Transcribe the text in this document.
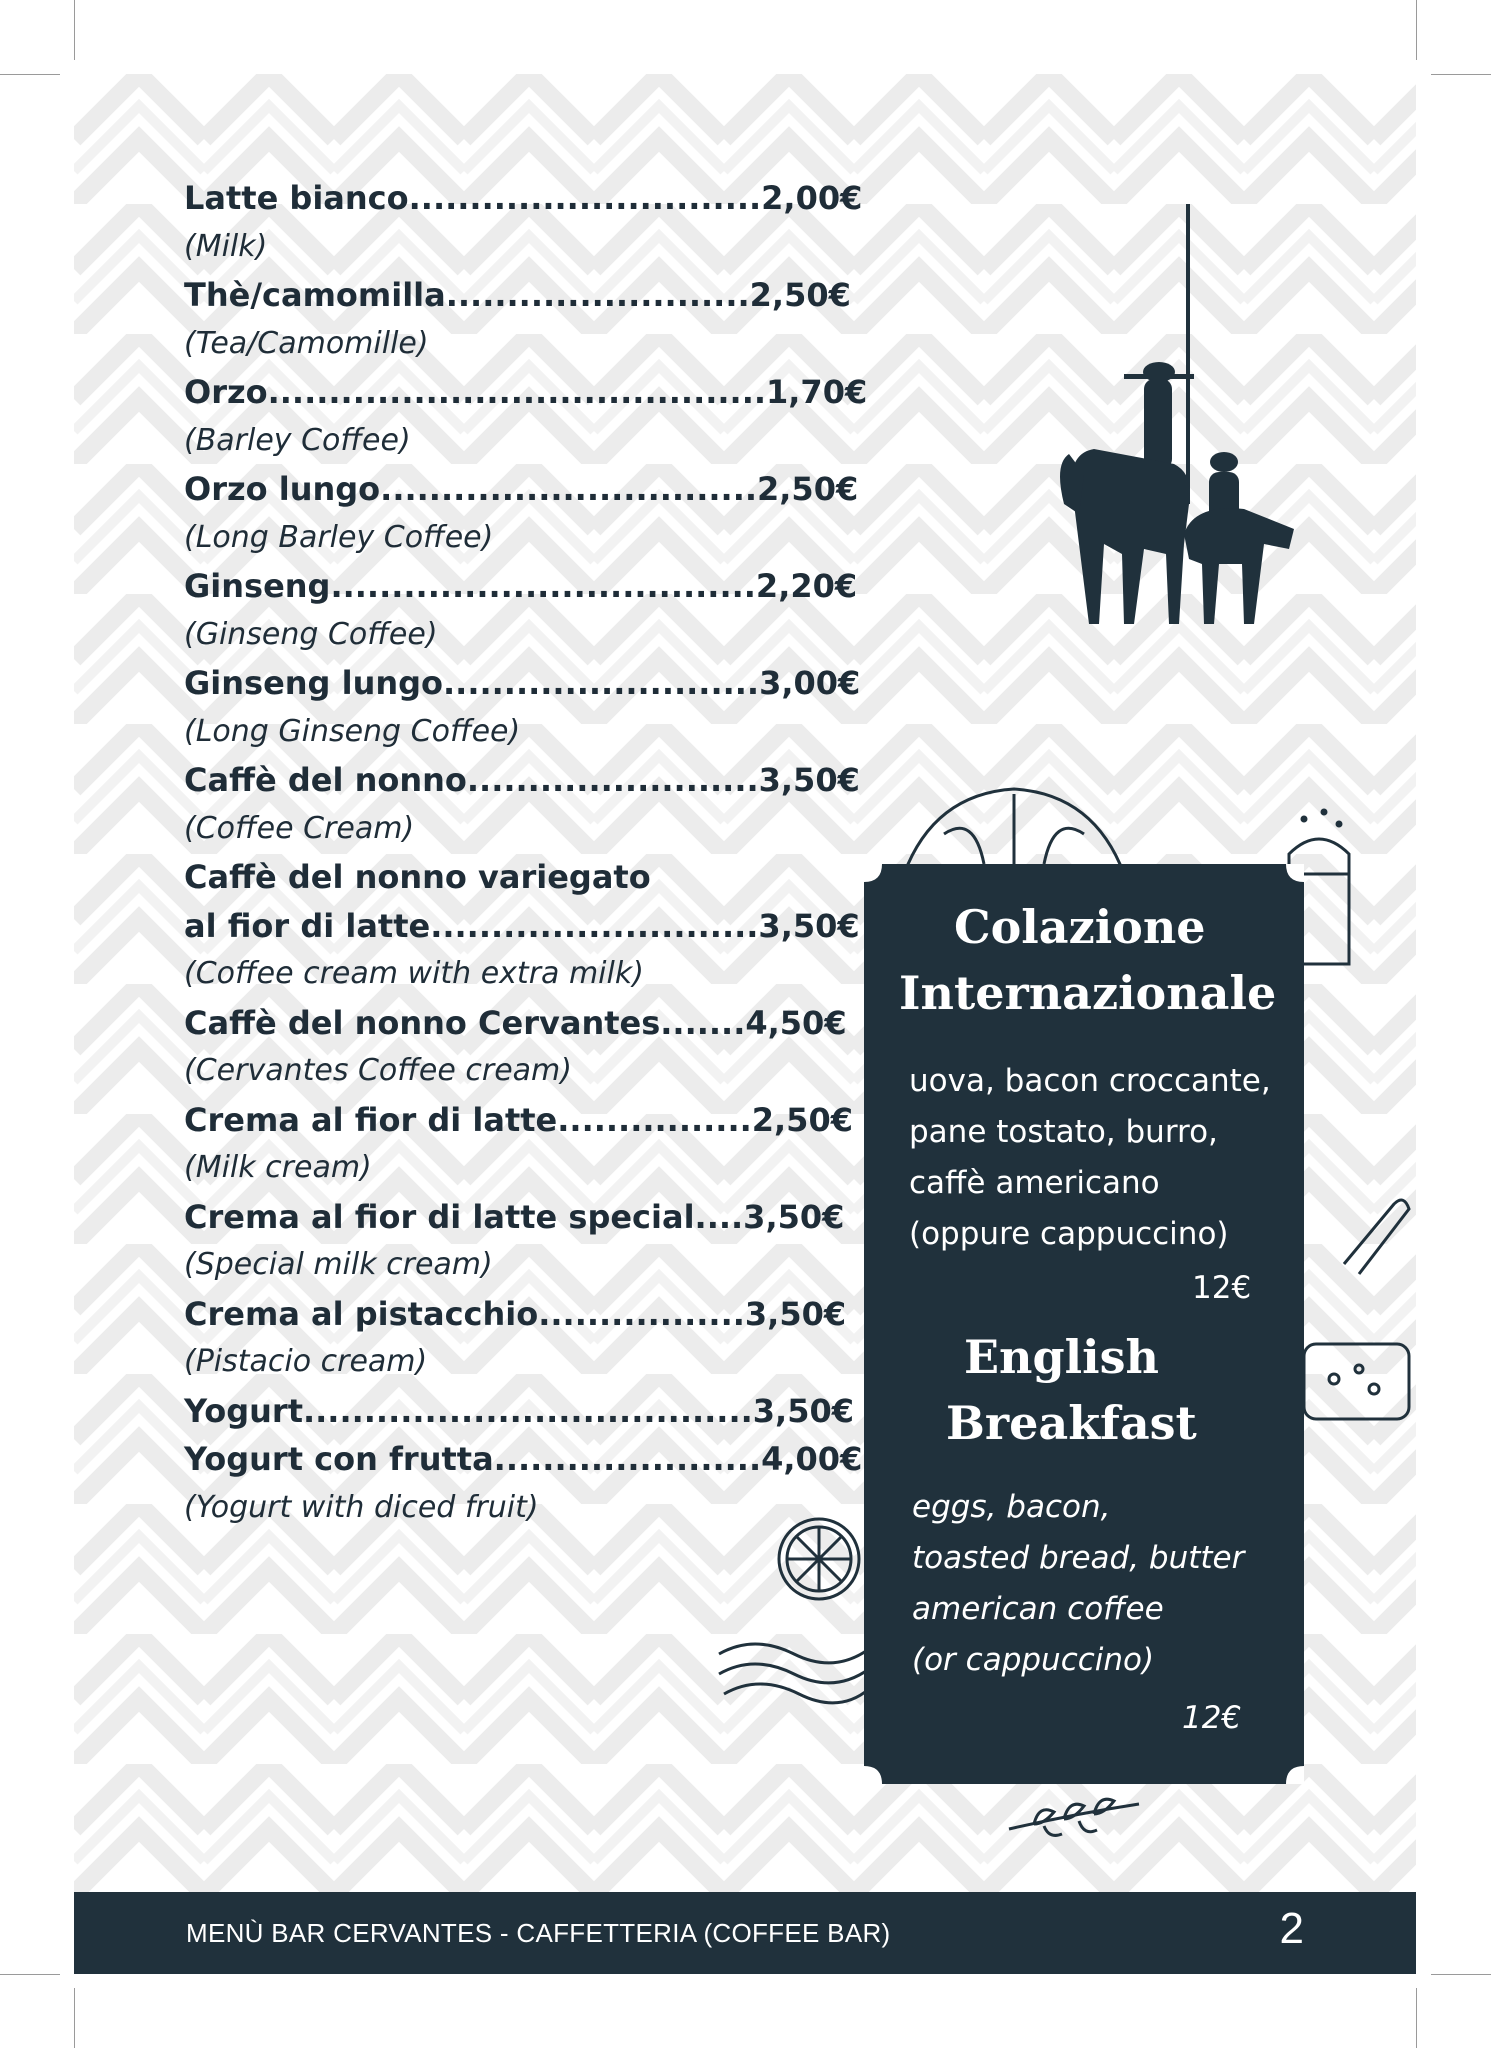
Latte bianco.............................2,00€
(Milk)
Thè/camomilla.........................2,50€
(Tea/Camomille)
Orzo.........................................1,70€
(Barley Coffee)
Orzo lungo...............................2,50€
(Long Barley Coffee)
Ginseng...................................2,20€
(Ginseng Coffee)
Ginseng lungo..........................3,00€
(Long Ginseng Coffee)
Caffè del nonno........................3,50€
(Coffee Cream)
Caffè del nonno variegato
al fior di latte...........................3,50€
(Coffee cream with extra milk)
Caffè del nonno Cervantes.......4,50€
(Cervantes Coffee cream)
Crema al fior di latte................2,50€
(Milk cream)
Crema al fior di latte special....3,50€
(Special milk cream)
Crema al pistacchio.................3,50€
(Pistacio cream)
Yogurt.....................................3,50€
Yogurt con frutta......................4,00€
(Yogurt with diced fruit)
Colazione
Internazionale
uova, bacon croccante,
pane tostato, burro,
caffè americano
(oppure cappuccino)
12€
English
Breakfast
eggs, bacon,
toasted bread, butter
american coffee
(or cappuccino)
12€
MENÙ BAR CERVANTES - CAFFETTERIA (COFFEE BAR)	2
